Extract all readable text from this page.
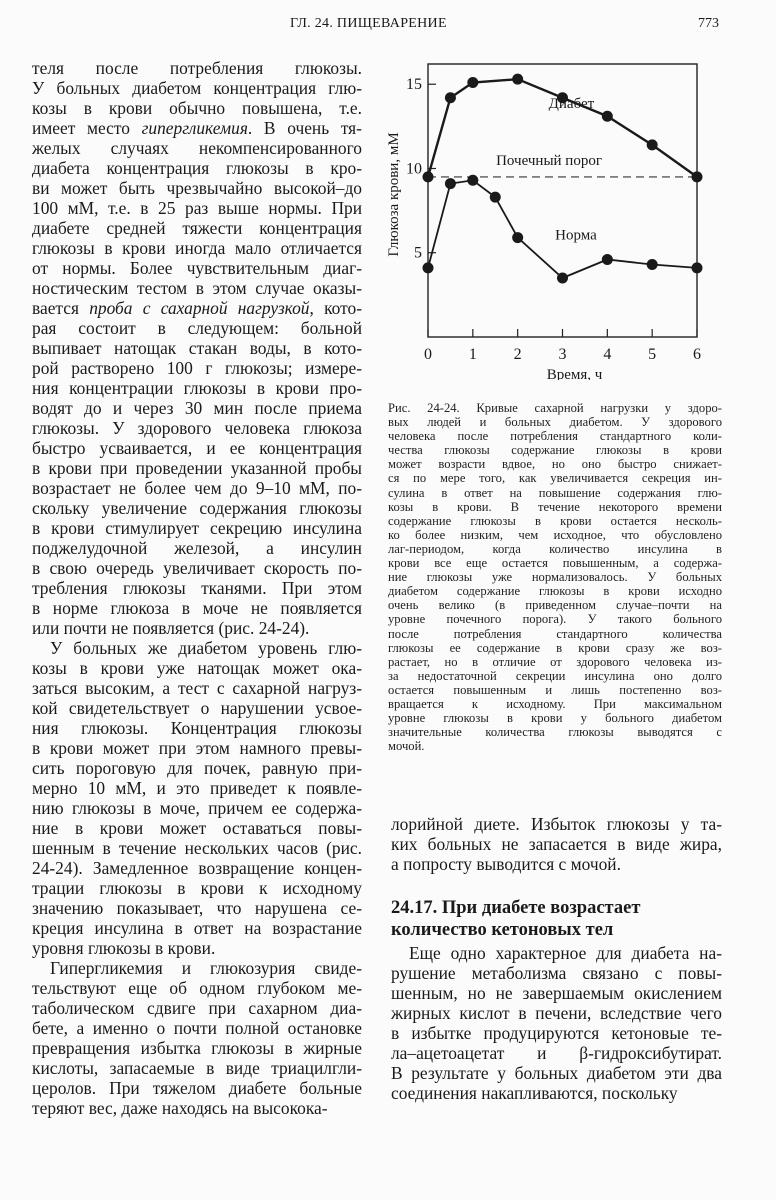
ГЛ. 24. ПИЩЕВАРЕНИЕ	773
теля после потребления глюкозы.
У больных диабетом концентрация глю-
козы в крови обычно повышена, т.е.
имеет место гипергликемия. В очень тя-
желых случаях некомпенсированного
диабета концентрация глюкозы в кро-
ви может быть чрезвычайно высокой–до
100 мМ, т.е. в 25 раз выше нормы. При
диабете средней тяжести концентрация
глюкозы в крови иногда мало отличается
от нормы. Более чувствительным диаг-
ностическим тестом в этом случае оказы-
вается проба с сахарной нагрузкой, кото-
рая состоит в следующем: больной
выпивает натощак стакан воды, в кото-
рой растворено 100 г глюкозы; измере-
ния концентрации глюкозы в крови про-
водят до и через 30 мин после приема
глюкозы. У здорового человека глюкоза
быстро усваивается, и ее концентрация
в крови при проведении указанной пробы
возрастает не более чем до 9–10 мМ, по-
скольку увеличение содержания глюкозы
в крови стимулирует секрецию инсулина
поджелудочной железой, а инсулин
в свою очередь увеличивает скорость по-
требления глюкозы тканями. При этом
в норме глюкоза в моче не появляется
или почти не появляется (рис. 24-24).
У больных же диабетом уровень глю-
козы в крови уже натощак может ока-
заться высоким, а тест с сахарной нагруз-
кой свидетельствует о нарушении усвое-
ния глюкозы. Концентрация глюкозы
в крови может при этом намного превы-
сить пороговую для почек, равную при-
мерно 10 мМ, и это приведет к появле-
нию глюкозы в моче, причем ее содержа-
ние в крови может оставаться повы-
шенным в течение нескольких часов (рис.
24-24). Замедленное возвращение концен-
трации глюкозы в крови к исходному
значению показывает, что нарушена се-
креция инсулина в ответ на возрастание
уровня глюкозы в крови.
Гипергликемия и глюкозурия свиде-
тельствуют еще об одном глубоком ме-
таболическом сдвиге при сахарном диа-
бете, а именно о почти полной остановке
превращения избытка глюкозы в жирные
кислоты, запасаемые в виде триацилгли-
церолов. При тяжелом диабете больные
теряют вес, даже находясь на высокока-
0 1 2 3 4 5 6
5
10
15
Время, ч
Глюкоза крови, мМ
Диабет
Почечный порог
Норма
Рис. 24-24. Кривые сахарной нагрузки у здоро-
вых людей и больных диабетом. У здорового
человека после потребления стандартного коли-
чества глюкозы содержание глюкозы в крови
может возрасти вдвое, но оно быстро снижает-
ся по мере того, как увеличивается секреция ин-
сулина в ответ на повышение содержания глю-
козы в крови. В течение некоторого времени
содержание глюкозы в крови остается несколь-
ко более низким, чем исходное, что обусловлено
лаг-периодом, когда количество инсулина в
крови все еще остается повышенным, а содержа-
ние глюкозы уже нормализовалось. У больных
диабетом содержание глюкозы в крови исходно
очень велико (в приведенном случае–почти на
уровне почечного порога). У такого больного
после потребления стандартного количества
глюкозы ее содержание в крови сразу же воз-
растает, но в отличие от здорового человека из-
за недостаточной секреции инсулина оно долго
остается повышенным и лишь постепенно воз-
вращается к исходному. При максимальном
уровне глюкозы в крови у больного диабетом
значительные количества глюкозы выводятся с
мочой.
лорийной диете. Избыток глюкозы у та-
ких больных не запасается в виде жира,
а попросту выводится с мочой.
24.17. При диабете возрастает
количество кетоновых тел
Еще одно характерное для диабета на-
рушение метаболизма связано с повы-
шенным, но не завершаемым окислением
жирных кислот в печени, вследствие чего
в избытке продуцируются кетоновые те-
ла–ацетоацетат и β-гидроксибутират.
В результате у больных диабетом эти два
соединения накапливаются, поскольку
